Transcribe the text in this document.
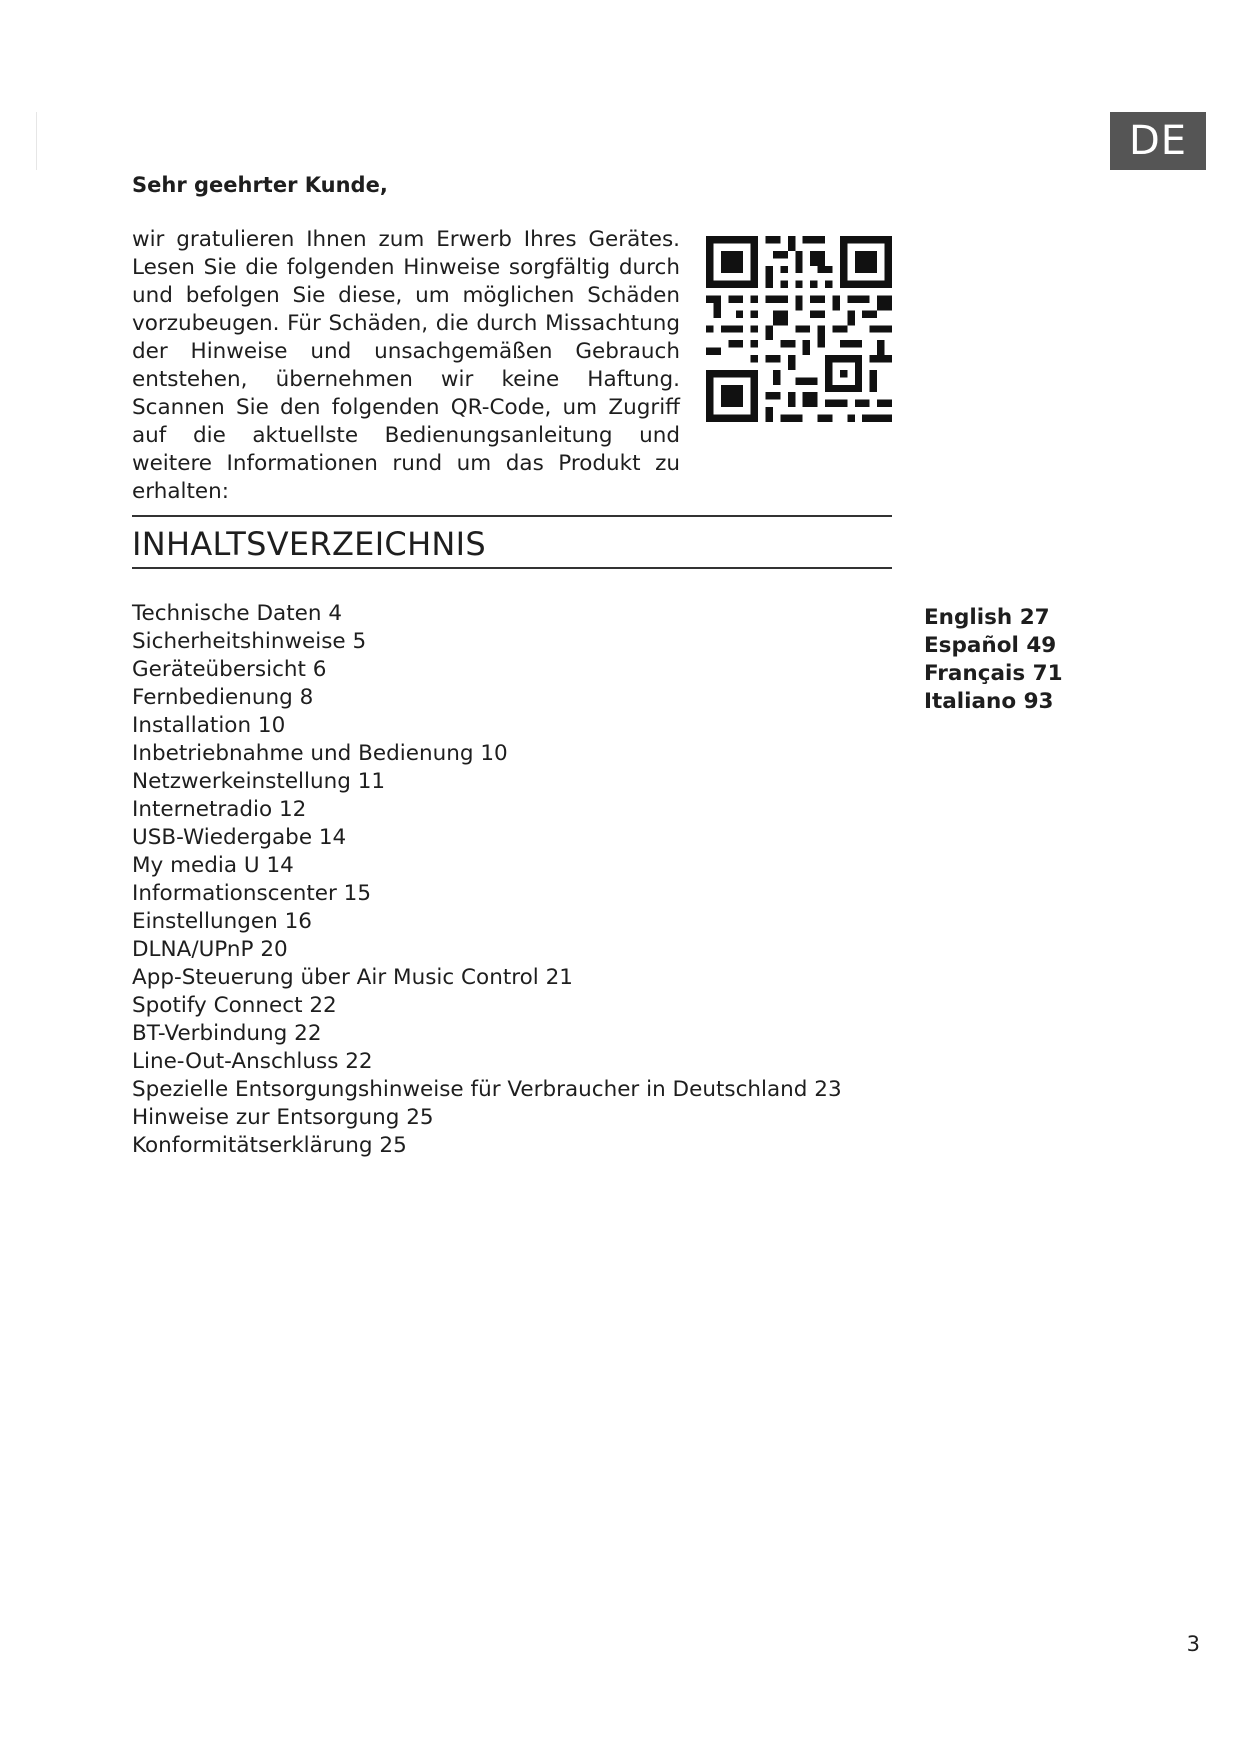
DE

Sehr geehrter Kunde,

wir gratulieren Ihnen zum Erwerb Ihres Gerätes. Lesen Sie die folgenden Hinweise sorgfältig durch und befolgen Sie diese, um möglichen Schäden vorzubeugen. Für Schäden, die durch Missachtung der Hinweise und unsachgemäßen Gebrauch entstehen, übernehmen wir keine Haftung. Scannen Sie den folgenden QR-Code, um Zugriff auf die aktuellste Bedienungsanleitung und weitere Informationen rund um das Produkt zu erhalten:

INHALTSVERZEICHNIS
Technische Daten 4
Sicherheitshinweise 5
Geräteübersicht 6
Fernbedienung 8
Installation 10
Inbetriebnahme und Bedienung 10
Netzwerkeinstellung 11
Internetradio 12
USB-Wiedergabe 14
My media U 14
Informationscenter 15
Einstellungen 16
DLNA/UPnP 20
App-Steuerung über Air Music Control 21
Spotify Connect 22
BT-Verbindung 22
Line-Out-Anschluss 22
Spezielle Entsorgungshinweise für Verbraucher in Deutschland 23
Hinweise zur Entsorgung 25
Konformitätserklärung 25
English 27
Español 49
Français 71
Italiano 93
3
